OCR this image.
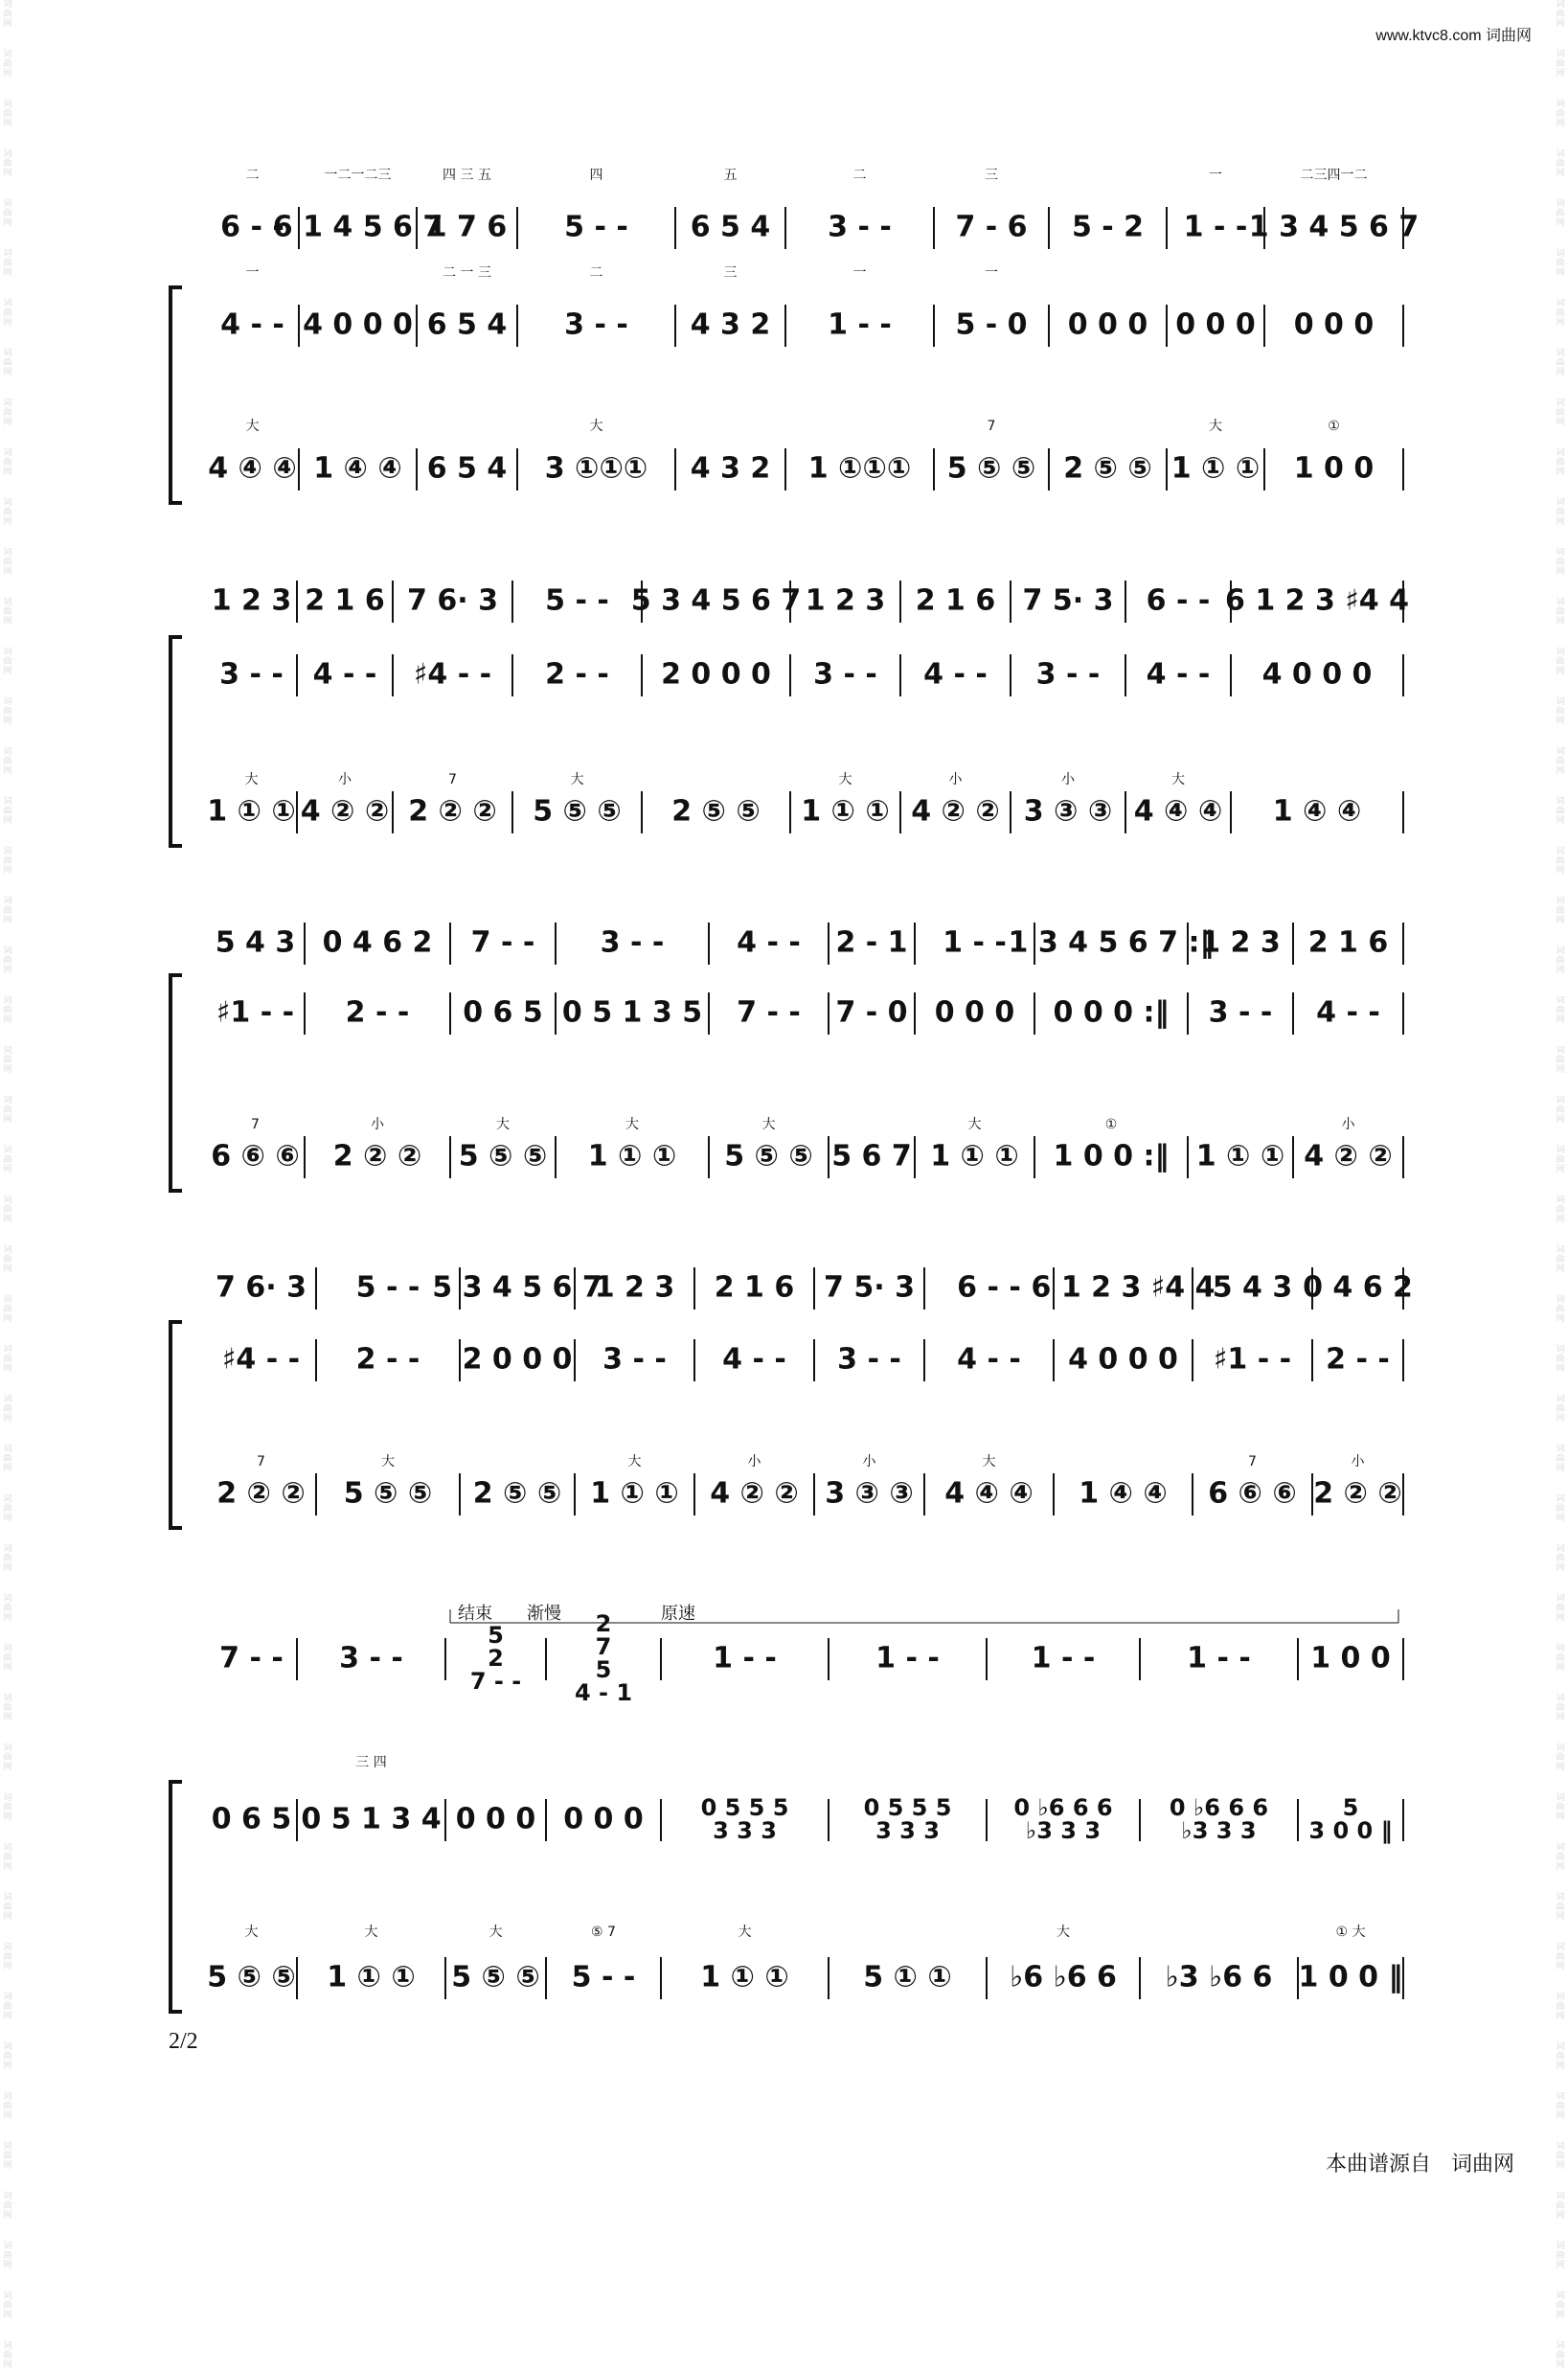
词曲网
词曲网
词曲网
词曲网
词曲网
词曲网
词曲网
词曲网
词曲网
词曲网
词曲网
词曲网
词曲网
词曲网
词曲网
词曲网
词曲网
词曲网
词曲网
词曲网
词曲网
词曲网
词曲网
词曲网
词曲网
词曲网
词曲网
词曲网
词曲网
词曲网
词曲网
词曲网
词曲网
词曲网
词曲网
词曲网
词曲网
词曲网
词曲网
词曲网
词曲网
词曲网
词曲网
词曲网
词曲网
词曲网
词曲网
词曲网
词曲网
词曲网
词曲网
词曲网
词曲网
词曲网
词曲网
词曲网
词曲网
词曲网
词曲网
词曲网
词曲网
词曲网
词曲网
词曲网
词曲网
词曲网
词曲网
词曲网
词曲网
词曲网
词曲网
词曲网
词曲网
词曲网
词曲网
词曲网
词曲网
词曲网
词曲网
词曲网
词曲网
词曲网
词曲网
词曲网
词曲网
词曲网
词曲网
词曲网
词曲网
词曲网
词曲网
词曲网
词曲网
词曲网
词曲网
词曲网
www.ktvc8.com 词曲网
6 - -
二
6 1 4 5 6 7
一二一二三
1 7 6
四 三 五
5 - -
四
6 5 4
五
3 - -
二
7 - 6
三
5 - 2 1 - -
一
1 3 4 5 6 7
二三四一二
4 - -
一
4 0 0 0 6 5 4
二 一 三
3 - -
二
4 3 2
三
1 - -
一
5 - 0
一
0 0 0 0 0 0 0 0 0
4 ④ ④
大
1 ④ ④ 6 5 4 3 ①①①
大
4 3 2 1 ①①① 5 ⑤ ⑤
7
2 ⑤ ⑤ 1 ① ①
大
1 0 0
①
1 2 3 2 1 6 7 6· 3 5 - - 5 3 4 5 6 7 1 2 3 2 1 6 7 5· 3 6 - - 6 1 2 3 ♯4 4
3 - - 4 - - ♯4 - - 2 - - 2 0 0 0 3 - - 4 - - 3 - - 4 - - 4 0 0 0
1 ① ①
大
4 ② ②
小
2 ② ②
7
5 ⑤ ⑤
大
2 ⑤ ⑤ 1 ① ①
大
4 ② ②
小
3 ③ ③
小
4 ④ ④
大
1 ④ ④
5 4 3 0 4 6 2 7 - - 3 - -	4 - - 2 - 1 1 - - 1 3 4 5 6 7 :‖
1 2 3 2 1 6
♯1 - - 2 - - 0 6 5 0 5 1 3 5 7 - - 7 - 0 0 0 0 0 0 0 :‖ 3 - - 4 - -
6 ⑥ ⑥
7
2 ② ②
小
5 ⑤ ⑤
大
1 ① ①
大
5 ⑤ ⑤
大
5 6 7 1 ① ①
大
1 0 0 :‖
①
1 ① ① 4 ② ②
小
7 6· 3 5 - - 5 3 4 5 6 7
1 2 3 2 1 6 7 5· 3 6 - - 6 1 2 3 ♯4 4
5 4 3 0 4 6 2
♯4 - - 2 - - 2 0 0 0 3 - - 4 - - 3 - - 4 - - 4 0 0 0 ♯1 - - 2 - -
2 ② ②
7
5 ⑤ ⑤
大
2 ⑤ ⑤ 1 ① ①
大
4 ② ②
小
3 ③ ③
小
4 ④ ④
大
1 ④ ④ 6 ⑥ ⑥
7
2 ② ②
小
7 - - 3 - -
5
2
7 - -
2
7
5
4 - 1
1 - -	1 - -	1 - -	1 - - 1 0 0
0 6 5 0 5 1 3 4
三 四
0 0 0 0 0 0 0 5 5 5
3 3 3
0 5 5 5
3 3 3
0 ♭6 6 6
♭3 3 3
0 ♭6 6 6
♭3 3 3
5
3 0 0 ‖
5 ⑤ ⑤
大
1 ① ①
大
5 ⑤ ⑤
大
5 - -
⑤ 7
1 ① ①
大
5 ① ① ♭6 ♭6 6
大
♭3 ♭6 6 1 0 0 ‖
① 大
结束 渐慢	原速
2/2
本曲谱源自 词曲网
